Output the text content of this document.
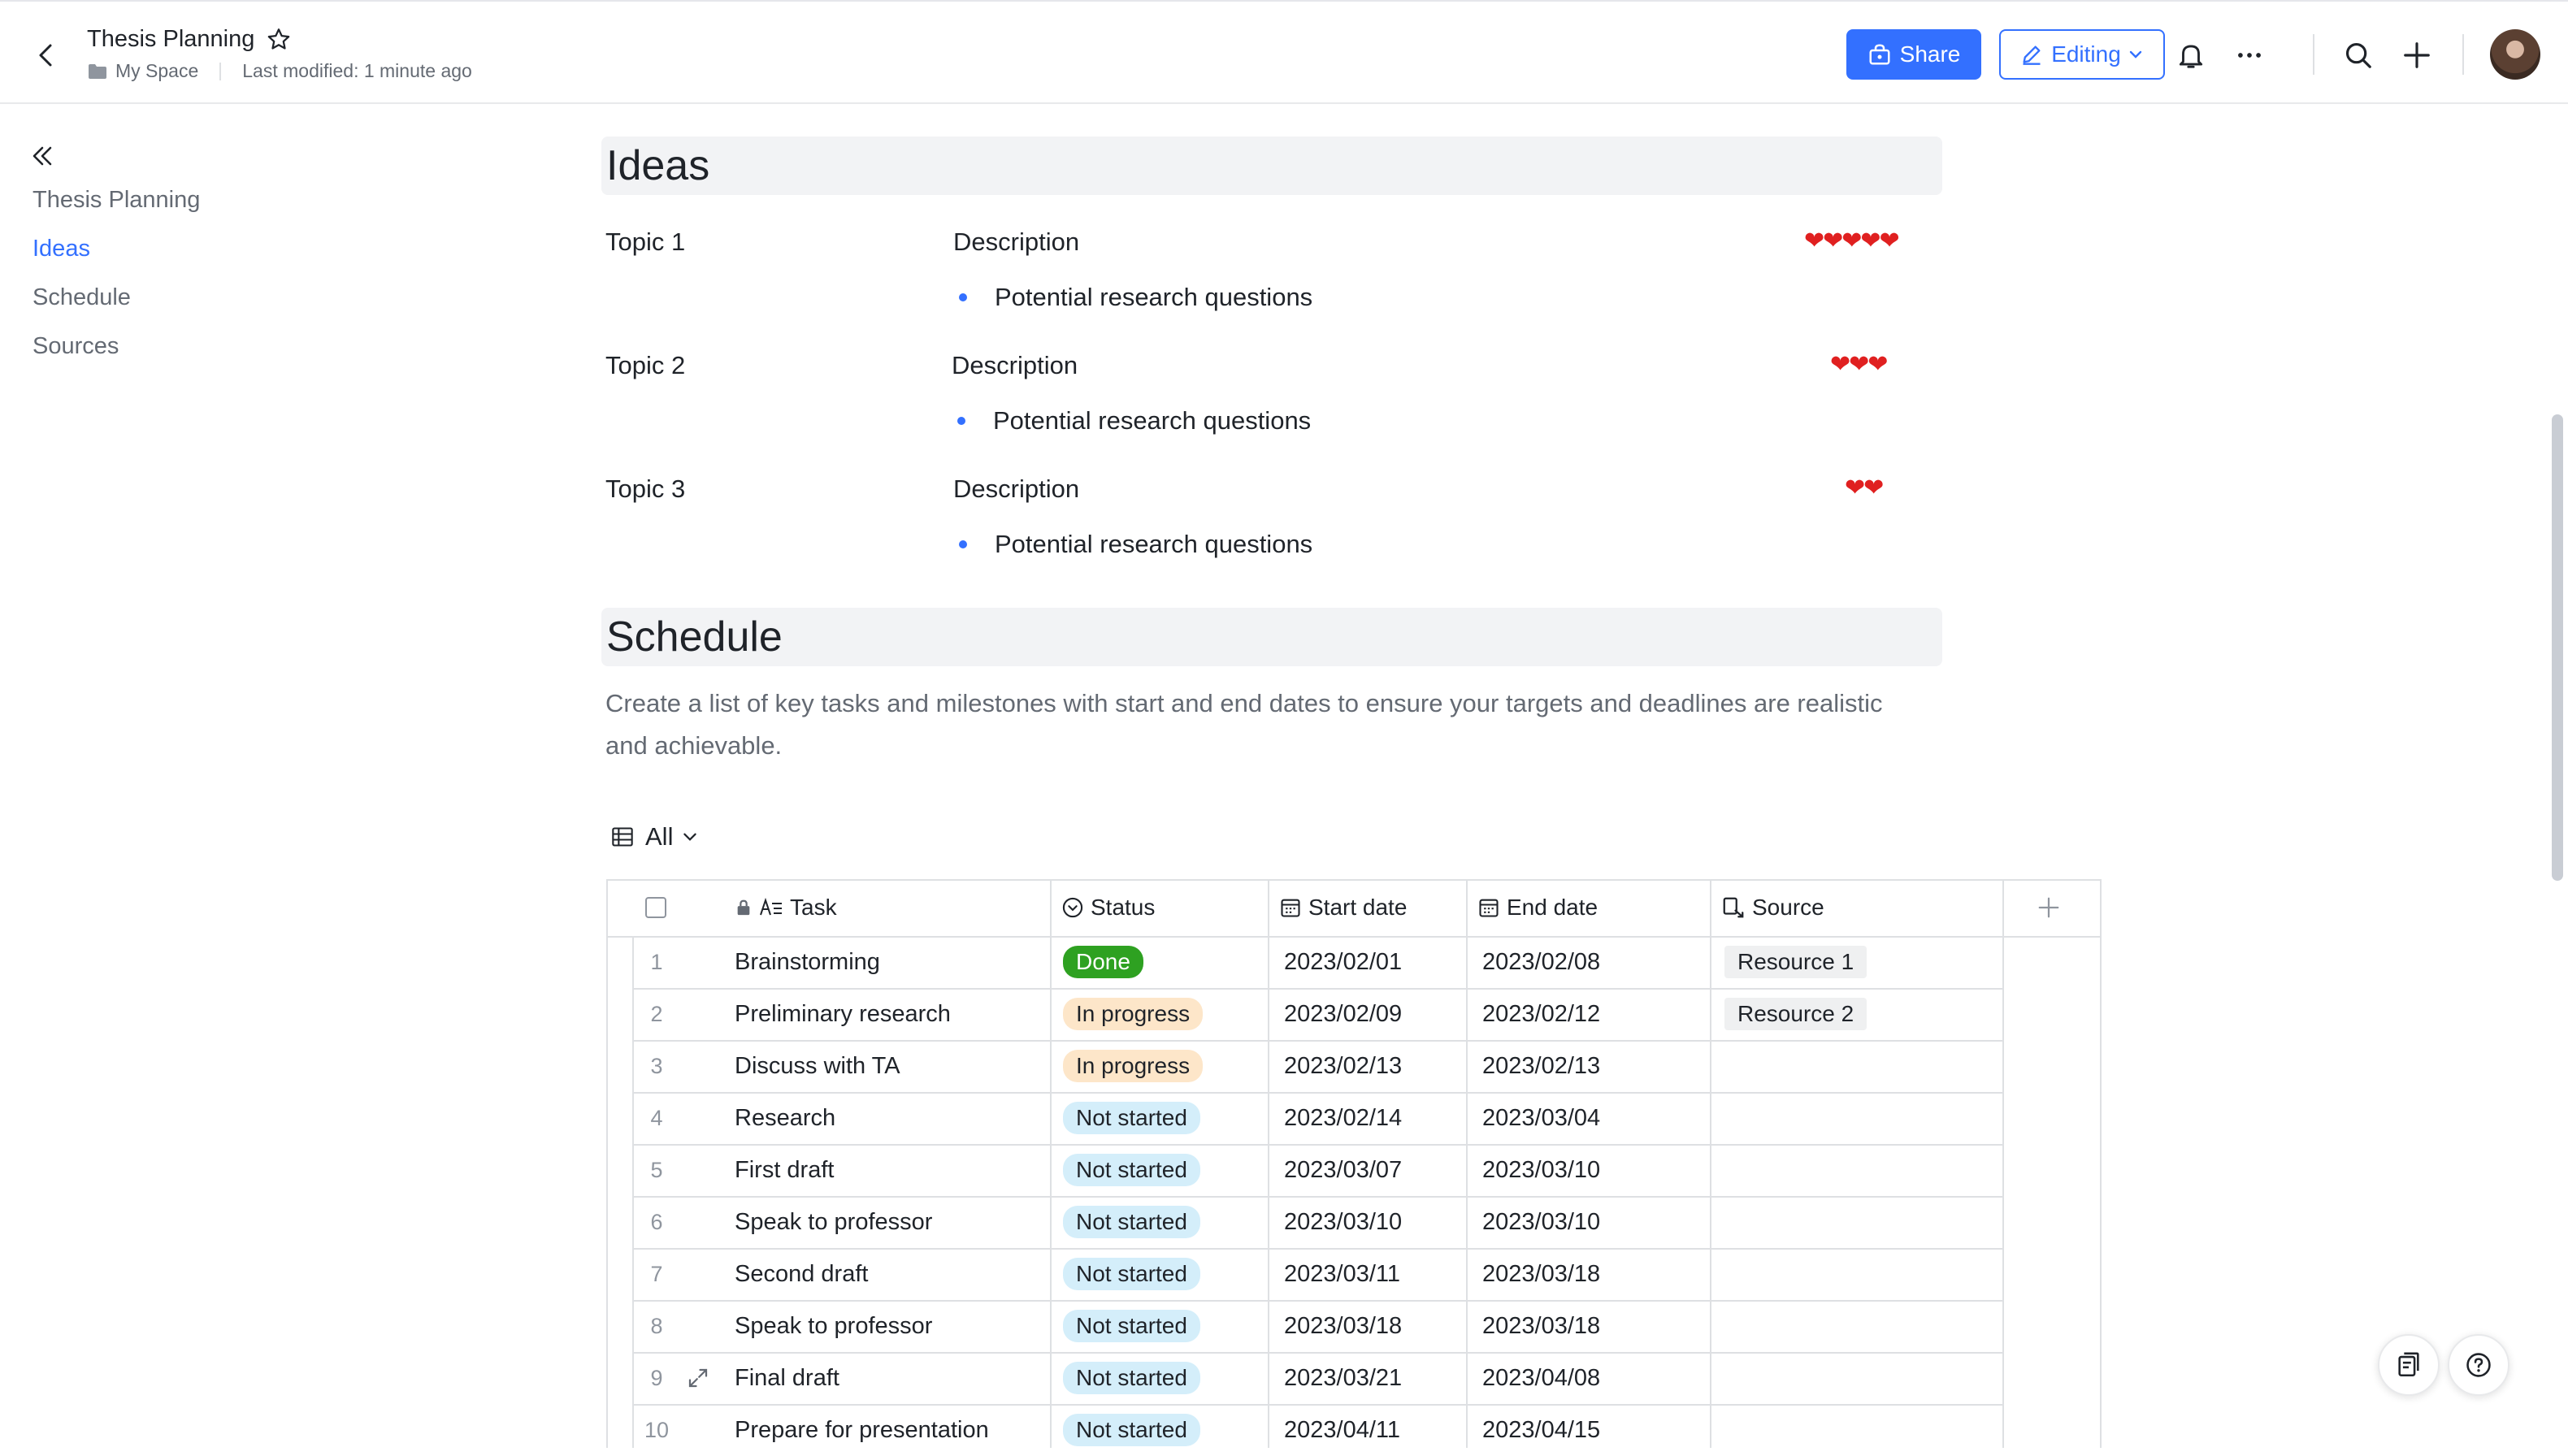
Thesis Planning
My Space Last modified: 1 minute ago
Share	Editing
Thesis Planning
Ideas
Schedule
Sources
Ideas
Topic 1	Description	❤❤❤❤❤
Potential research questions
Topic 2	Description	❤❤❤
Potential research questions
Topic 3	Description	❤❤
Potential research questions
Schedule
Create a list of key tasks and milestones with start and end dates to ensure your targets and deadlines are realistic and achievable.
All
Task	Status	Start date	End date	Source
1	Brainstorming	Done	2023/02/01	2023/02/08	Resource 1
2	Preliminary research	In progress	2023/02/09	2023/02/12	Resource 2
3	Discuss with TA	In progress	2023/02/13	2023/02/13
4	Research	Not started	2023/02/14	2023/03/04
5	First draft	Not started	2023/03/07	2023/03/10
6	Speak to professor	Not started	2023/03/10	2023/03/10
7	Second draft	Not started	2023/03/11	2023/03/18
8	Speak to professor	Not started	2023/03/18	2023/03/18
9	Final draft	Not started	2023/03/21	2023/04/08
10	Prepare for presentation	Not started	2023/04/11	2023/04/15
